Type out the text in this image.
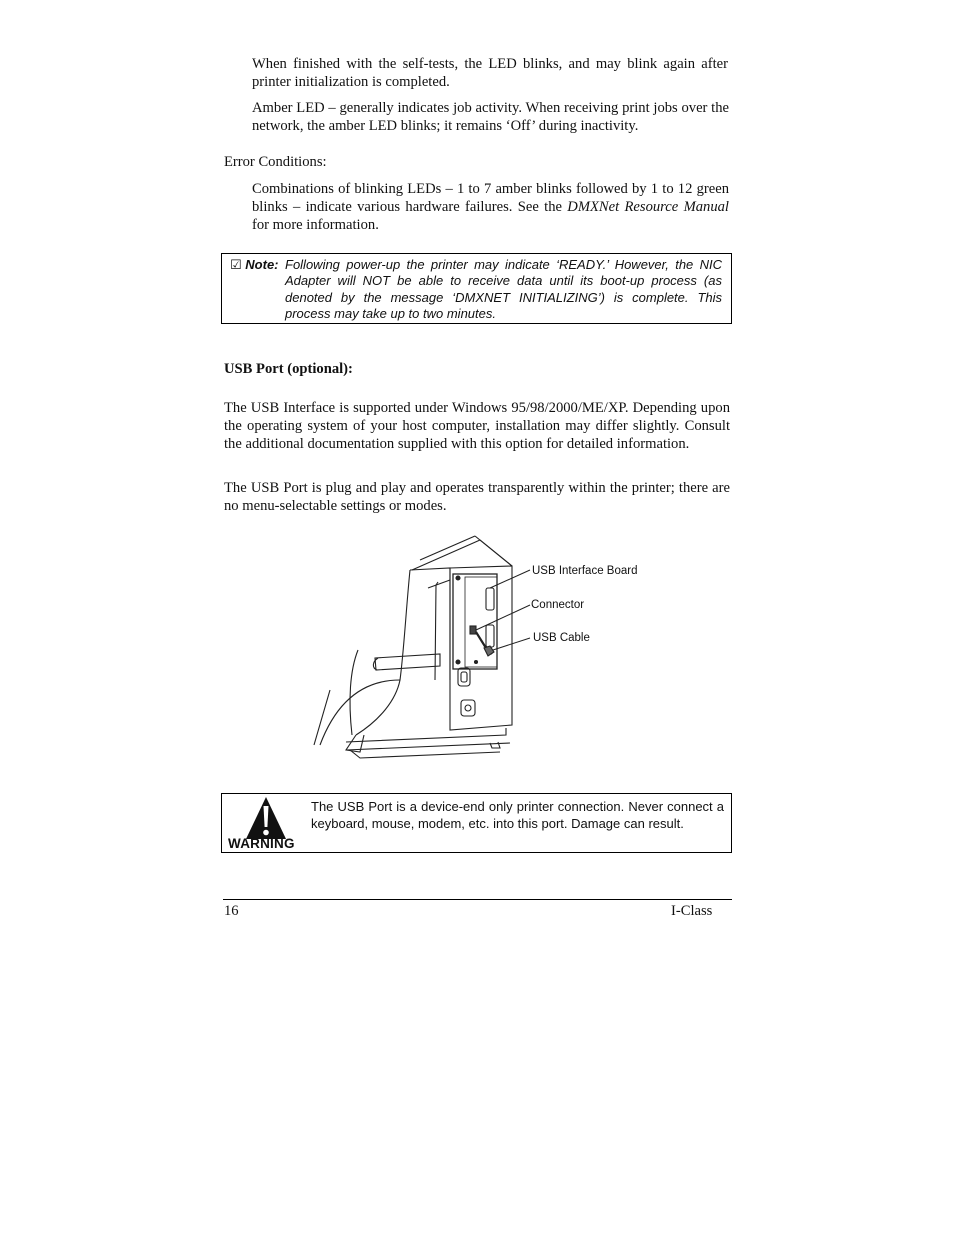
When finished with the self-tests, the LED blinks, and may blink again after printer initialization is completed.

Amber LED – generally indicates job activity. When receiving print jobs over the network, the amber LED blinks; it remains ‘Off’ during inactivity.

Error Conditions:

Combinations of blinking LEDs – 1 to 7 amber blinks followed by 1 to 12 green blinks – indicate various hardware failures. See the DMXNet Resource Manual for more information.

☑ Note: Following power-up the printer may indicate ‘READY.’ However, the NIC Adapter will NOT be able to receive data until its boot-up process (as denoted by the message ‘DMXNET INITIALIZING’) is complete. This process may take up to two minutes.

USB Port (optional):

The USB Interface is supported under Windows 95/98/2000/ME/XP. Depending upon the operating system of your host computer, installation may differ slightly. Consult the additional documentation supplied with this option for detailed information.

The USB Port is plug and play and operates transparently within the printer; there are no menu-selectable settings or modes.

USB Interface Board
Connector
USB Cable
WARNING
The USB Port is a device-end only printer connection. Never connect a keyboard, mouse, modem, etc. into this port. Damage can result.
16	I-Class
